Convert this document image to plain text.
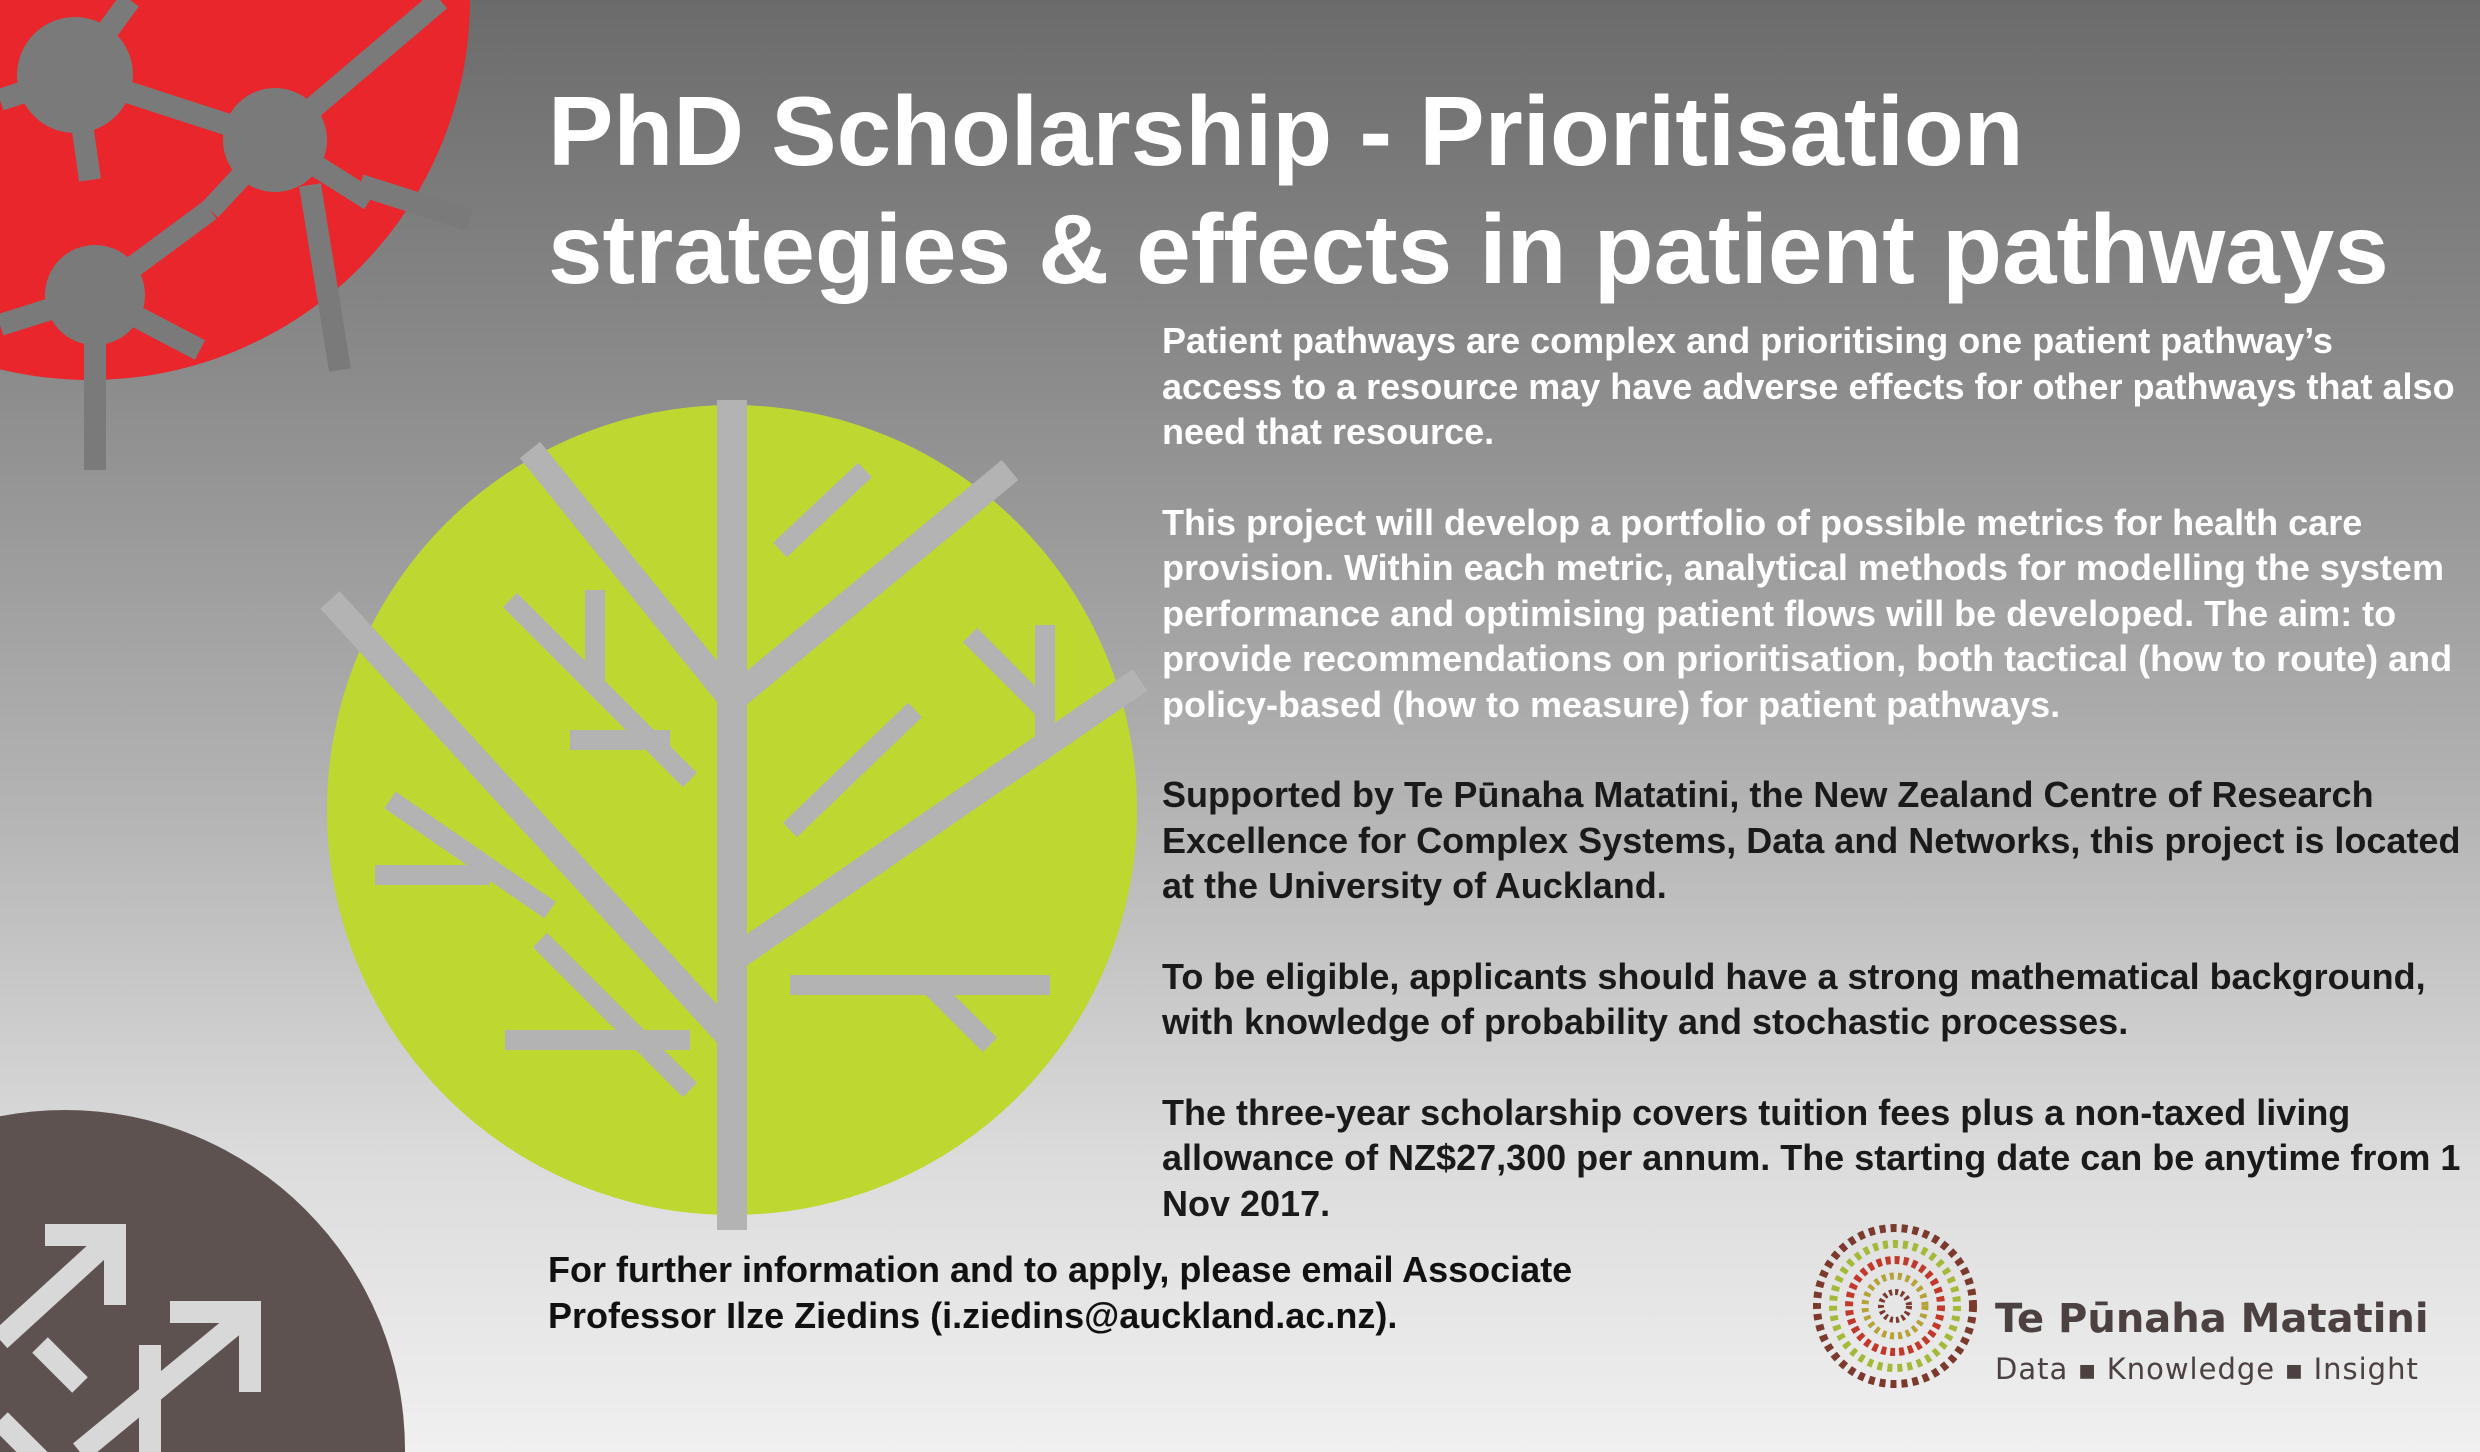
PhD Scholarship - Prioritisation
strategies & effects in patient pathways

Patient pathways are complex and prioritising one patient pathway’s access to a resource may have adverse effects for other pathways that also need that resource.

This project will develop a portfolio of possible metrics for health care provision. Within each metric, analytical methods for modelling the system performance and optimising patient flows will be developed. The aim: to provide recommendations on prioritisation, both tactical (how to route) and policy-based (how to measure) for patient pathways.

Supported by Te Pūnaha Matatini, the New Zealand Centre of Research Excellence for Complex Systems, Data and Networks, this project is located at the University of Auckland.

To be eligible, applicants should have a strong mathematical background, with knowledge of probability and stochastic processes.

The three-year scholarship covers tuition fees plus a non-taxed living allowance of NZ$27,300 per annum. The starting date can be anytime from 1 Nov 2017.

For further information and to apply, please email Associate Professor Ilze Ziedins (i.ziedins@auckland.ac.nz).	Te Pūnaha Matatini
Data ■ Knowledge ■ Insight
